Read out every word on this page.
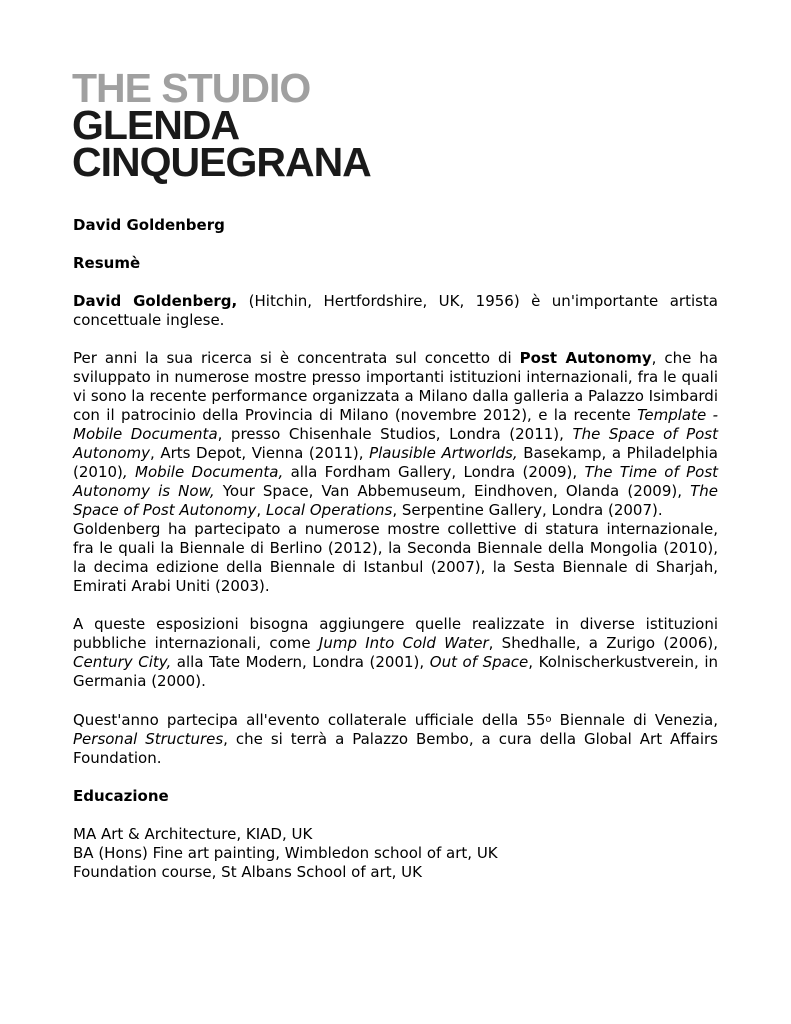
THE STUDIO
GLENDA
CINQUEGRANA

David Goldenberg

Resumè

David Goldenberg, (Hitchin, Hertfordshire, UK, 1956) è un'importante artista concettuale inglese.

Per anni la sua ricerca si è concentrata sul concetto di Post Autonomy, che ha sviluppato in numerose mostre presso importanti istituzioni internazionali, fra le quali vi sono la recente performance organizzata a Milano dalla galleria a Palazzo Isimbardi con il patrocinio della Provincia di Milano (novembre 2012), e la recente Template - Mobile Documenta, presso Chisenhale Studios, Londra (2011), The Space of Post Autonomy, Arts Depot, Vienna (2011), Plausible Artworlds, Basekamp, a Philadelphia (2010), Mobile Documenta, alla Fordham Gallery, Londra (2009), The Time of Post Autonomy is Now, Your Space, Van Abbemuseum, Eindhoven, Olanda (2009), The Space of Post Autonomy, Local Operations, Serpentine Gallery, Londra (2007).

Goldenberg ha partecipato a numerose mostre collettive di statura internazionale, fra le quali la Biennale di Berlino (2012), la Seconda Biennale della Mongolia (2010), la decima edizione della Biennale di Istanbul (2007), la Sesta Biennale di Sharjah, Emirati Arabi Uniti (2003).

A queste esposizioni bisogna aggiungere quelle realizzate in diverse istituzioni pubbliche internazionali, come Jump Into Cold Water, Shedhalle, a Zurigo (2006), Century City, alla Tate Modern, Londra (2001), Out of Space, Kolnischerkustverein, in Germania (2000).

Quest'anno partecipa all'evento collaterale ufficiale della 55$^o$ Biennale di Venezia, Personal Structures, che si terrà a Palazzo Bembo, a cura della Global Art Affairs Foundation.

Educazione

MA Art & Architecture, KIAD, UK

BA (Hons) Fine art painting, Wimbledon school of art, UK

Foundation course, St Albans School of art, UK
